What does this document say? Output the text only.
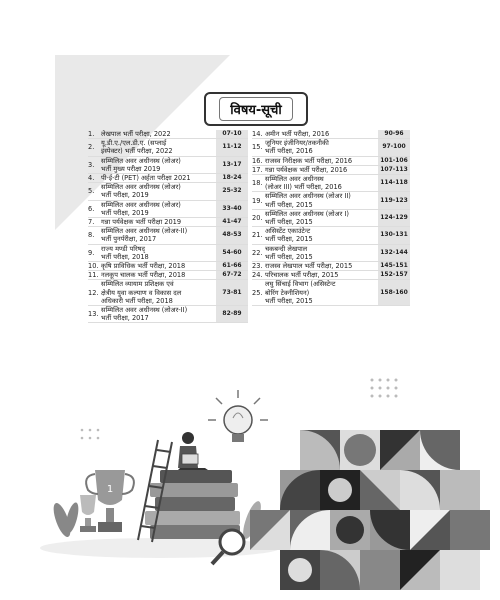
विषय-सूची
1.	लेखपाल भर्ती परीक्षा, 2022	07-10
2.
यू.डी.ए./एल.डी.ए. (सप्लाई
इंस्पेक्टर) भर्ती परीक्षा, 2022
11-12
3.
सम्मिलित अवर अधीनस्थ (लोअर)
भर्ती मुख्य परीक्षा 2019
13-17
4.	पी-ई-टी (PET) अर्हता परीक्षा 2021	18-24
5.
सम्मिलित अवर अधीनस्थ (लोअर)
भर्ती परीक्षा, 2019
25-32
6.
सम्मिलित अवर अधीनस्थ (लोअर)
भर्ती परीक्षा, 2019
33-40
7.	गन्ना पर्यवेक्षक भर्ती परीक्षा 2019	41-47
8.
सम्मिलित अवर अधीनस्थ (लोअर-II)
भर्ती पुनर्परीक्षा, 2017
48-53
9.
राज्य मण्डी परिषद्
भर्ती परीक्षा, 2018
54-60
10. कृषि प्राविधिक भर्ती परीक्षा, 2018	61-66
11. नलकूप चालक भर्ती परीक्षा, 2018	67-72
12.
सम्मिलित व्यायाम प्रशिक्षक एवं
क्षेत्रीय युवा कल्याण व विकास दल
अधिकारी भर्ती परीक्षा, 2018
73-81
13.
सम्मिलित अवर अधीनस्थ (लोअर-II)
भर्ती परीक्षा, 2017
82-89
14. अमीन भर्ती परीक्षा, 2016	90-96
15.
जूनियर इंजीनियर/तकनीकी
भर्ती परीक्षा, 2016
97-100
16. राजस्व निरीक्षक भर्ती परीक्षा, 2016	101-106
17. गन्ना पर्यवेक्षक भर्ती परीक्षा, 2016	107-113
18.
सम्मिलित अवर अधीनस्थ
(लोअर III) भर्ती परीक्षा, 2016
114-118
19.
सम्मिलित अवर अधीनस्थ (लोअर II)
भर्ती परीक्षा, 2015
119-123
20.
सम्मिलित अवर अधीनस्थ (लोअर I)
भर्ती परीक्षा, 2015
124-129
21.
असिस्टेंट एकाउंटेन्ट
भर्ती परीक्षा, 2015
130-131
22.
चकबन्दी लेखपाल
भर्ती परीक्षा, 2015
132-144
23. राजस्व लेखपाल भर्ती परीक्षा, 2015	145-151
24. परिचालक भर्ती परीक्षा, 2015	152-157
25.
लघु सिंचाई विभाग (असिस्टेन्ट
बोरिंग टेक्नीशियन)
भर्ती परीक्षा, 2015
158-160
1
